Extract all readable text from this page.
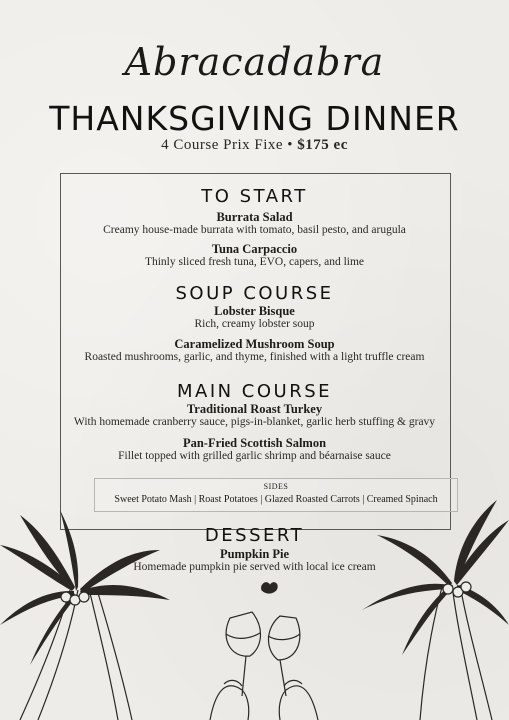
Abracadabra
THANKSGIVING DINNER
4 Course Prix Fixe • $175 ec

TO START

Burrata Salad

Creamy house-made burrata with tomato, basil pesto, and arugula

Tuna Carpaccio

Thinly sliced fresh tuna, EVO, capers, and lime

SOUP COURSE

Lobster Bisque

Rich, creamy lobster soup

Caramelized Mushroom Soup

Roasted mushrooms, garlic, and thyme, finished with a light truffle cream

MAIN COURSE

Traditional Roast Turkey

With homemade cranberry sauce, pigs-in-blanket, garlic herb stuffing & gravy

Pan-Fried Scottish Salmon

Fillet topped with grilled garlic shrimp and béarnaise sauce

SIDES
Sweet Potato Mash | Roast Potatoes | Glazed Roasted Carrots | Creamed Spinach

DESSERT

Pumpkin Pie

Homemade pumpkin pie served with local ice cream
